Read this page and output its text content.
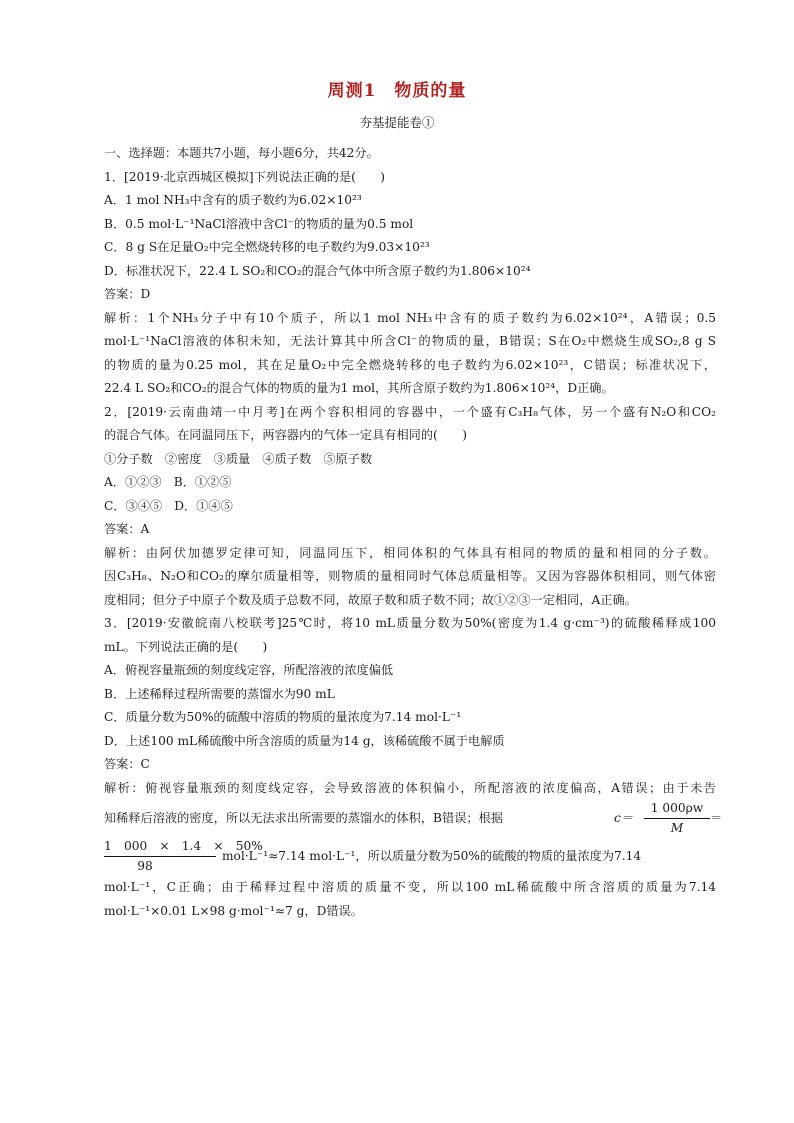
周测1　物质的量
夯基提能卷①
一、选择题：本题共7小题，每小题6分，共42分。
1．[2019·北京西城区模拟]下列说法正确的是(　　)
A．1 mol NH₃中含有的质子数约为6.02×10²³
B．0.5 mol·L⁻¹NaCl溶液中含Cl⁻的物质的量为0.5 mol
C．8 g S在足量O₂中完全燃烧转移的电子数约为9.03×10²³
D．标准状况下，22.4 L SO₂和CO₂的混合气体中所含原子数约为1.806×10²⁴
答案：D
解析：1个NH₃分子中有10个质子，所以1 mol NH₃中含有的质子数约为6.02×10²⁴，A错误；0.5
mol·L⁻¹NaCl溶液的体积未知，无法计算其中所含Cl⁻的物质的量，B错误；S在O₂中燃烧生成SO₂,8 g S
的物质的量为0.25 mol，其在足量O₂中完全燃烧转移的电子数约为6.02×10²³，C错误；标准状况下，
22.4 L SO₂和CO₂的混合气体的物质的量为1 mol，其所含原子数约为1.806×10²⁴，D正确。
2．[2019·云南曲靖一中月考]在两个容积相同的容器中，一个盛有C₃H₈气体，另一个盛有N₂O和CO₂
的混合气体。在同温同压下，两容器内的气体一定具有相同的(　　)
①分子数　②密度　③质量　④质子数　⑤原子数
A．①②③　B．①②⑤
C．③④⑤　D．①④⑤
答案：A
解析：由阿伏加德罗定律可知，同温同压下，相同体积的气体具有相同的物质的量和相同的分子数。
因C₃H₈、N₂O和CO₂的摩尔质量相等，则物质的量相同时气体总质量相等。又因为容器体积相同，则气体密
度相同；但分子中原子个数及质子总数不同，故原子数和质子数不同；故①②③一定相同，A正确。
3．[2019·安徽皖南八校联考]25℃时，将10 mL质量分数为50%(密度为1.4 g·cm⁻³)的硫酸稀释成100
mL。下列说法正确的是(　　)
A．俯视容量瓶颈的刻度线定容，所配溶液的浓度偏低
B．上述稀释过程所需要的蒸馏水为90 mL
C．质量分数为50%的硫酸中溶质的物质的量浓度为7.14 mol·L⁻¹
D．上述100 mL稀硫酸中所含溶质的质量为14 g，该稀硫酸不属于电解质
答案：C
解析：俯视容量瓶颈的刻度线定容，会导致溶液的体积偏小，所配溶液的浓度偏高，A错误；由于未告
知稀释后溶液的密度，所以无法求出所需要的蒸馏水的体积，B错误；根据	c＝
1 000ρw
M
＝
1　000　×　1.4　×　50%
98
mol·L⁻¹≈7.14 mol·L⁻¹，所以质量分数为50%的硫酸的物质的量浓度为7.14
mol·L⁻¹，C正确；由于稀释过程中溶质的质量不变，所以100 mL稀硫酸中所含溶质的质量为7.14
mol·L⁻¹×0.01 L×98 g·mol⁻¹≈7 g，D错误。
